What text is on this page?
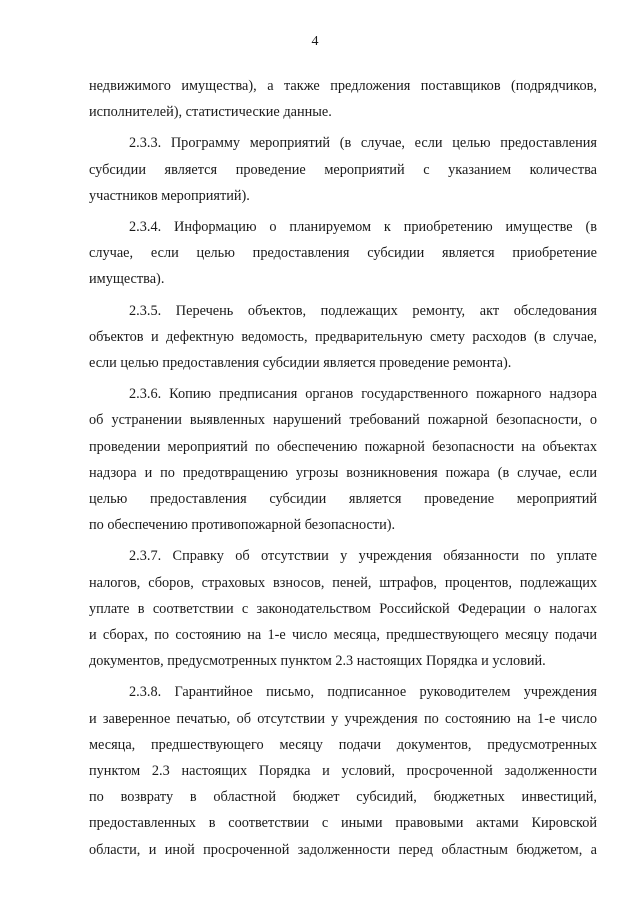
4

недвижимого имущества), а также предложения поставщиков (подрядчиков,
исполнителей), статистические данные.

2.3.3. Программу мероприятий (в случае, если целью предоставления
субсидии является проведение мероприятий с указанием количества
участников мероприятий).

2.3.4. Информацию о планируемом к приобретению имуществе (в
случае, если целью предоставления субсидии является приобретение
имущества).

2.3.5. Перечень объектов, подлежащих ремонту, акт обследования
объектов и дефектную ведомость, предварительную смету расходов (в случае,
если целью предоставления субсидии является проведение ремонта).

2.3.6. Копию предписания органов государственного пожарного надзора
об устранении выявленных нарушений требований пожарной безопасности, о
проведении мероприятий по обеспечению пожарной безопасности на объектах
надзора и по предотвращению угрозы возникновения пожара (в случае, если
целью предоставления субсидии является проведение мероприятий
по обеспечению противопожарной безопасности).

2.3.7. Справку об отсутствии у учреждения обязанности по уплате
налогов, сборов, страховых взносов, пеней, штрафов, процентов, подлежащих
уплате в соответствии с законодательством Российской Федерации о налогах
и сборах, по состоянию на 1-е число месяца, предшествующего месяцу подачи
документов, предусмотренных пунктом 2.3 настоящих Порядка и условий.

2.3.8. Гарантийное письмо, подписанное руководителем учреждения
и заверенное печатью, об отсутствии у учреждения по состоянию на 1-е число
месяца, предшествующего месяцу подачи документов, предусмотренных
пунктом 2.3 настоящих Порядка и условий, просроченной задолженности
по возврату в областной бюджет субсидий, бюджетных инвестиций,
предоставленных в соответствии с иными правовыми актами Кировской
области, и иной просроченной задолженности перед областным бюджетом, а
